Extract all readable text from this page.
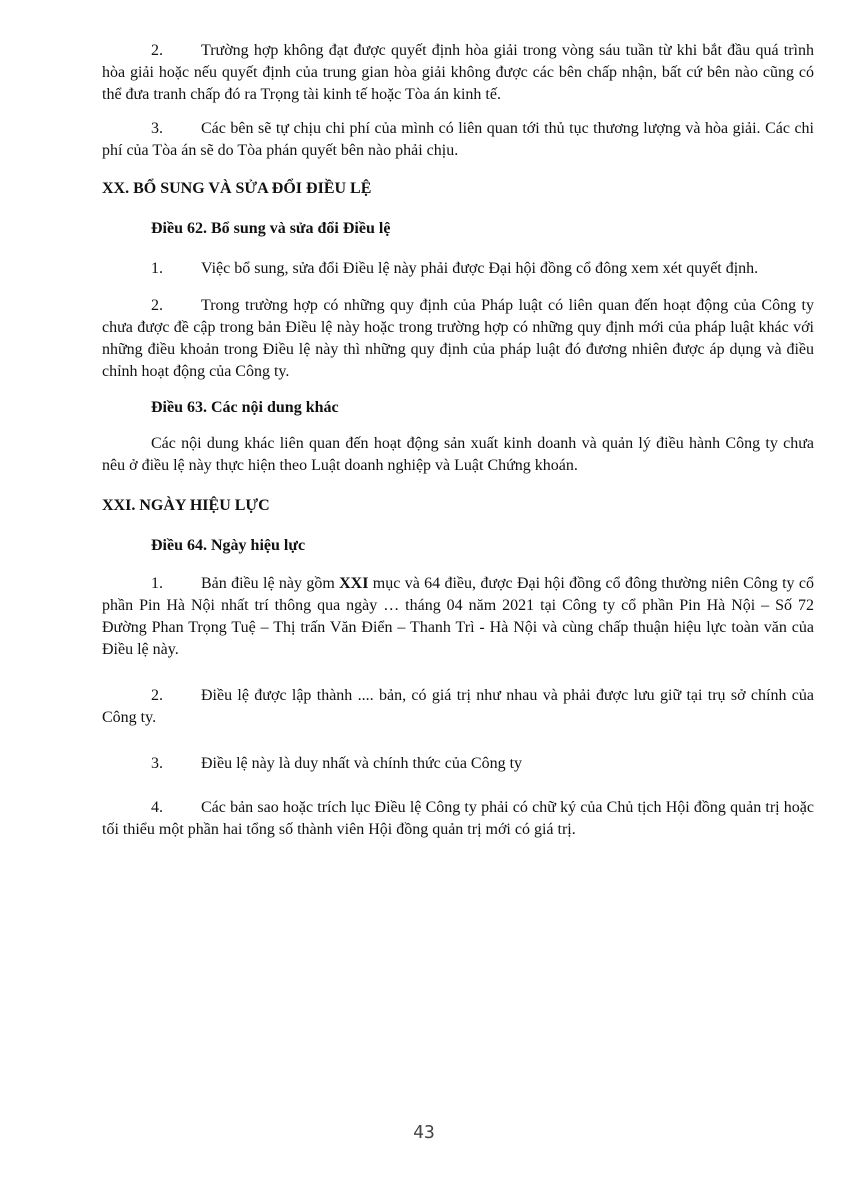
2. Trường hợp không đạt được quyết định hòa giải trong vòng sáu tuần từ khi bắt đầu quá trình hòa giải hoặc nếu quyết định của trung gian hòa giải không được các bên chấp nhận, bất cứ bên nào cũng có thể đưa tranh chấp đó ra Trọng tài kinh tế hoặc Tòa án kinh tế.
3. Các bên sẽ tự chịu chi phí của mình có liên quan tới thủ tục thương lượng và hòa giải. Các chi phí của Tòa án sẽ do Tòa phán quyết bên nào phải chịu.
XX. BỔ SUNG VÀ SỬA ĐỔI ĐIỀU LỆ
Điều 62. Bổ sung và sửa đổi Điều lệ
1. Việc bổ sung, sửa đổi Điều lệ này phải được Đại hội đồng cổ đông xem xét quyết định.
2. Trong trường hợp có những quy định của Pháp luật có liên quan đến hoạt động của Công ty chưa được đề cập trong bản Điều lệ này hoặc trong trường hợp có những quy định mới của pháp luật khác với những điều khoản trong Điều lệ này thì những quy định của pháp luật đó đương nhiên được áp dụng và điều chỉnh hoạt động của Công ty.
Điều 63. Các nội dung khác
Các nội dung khác liên quan đến hoạt động sản xuất kinh doanh và quản lý điều hành Công ty chưa nêu ở điều lệ này thực hiện theo Luật doanh nghiệp và Luật Chứng khoán.
XXI. NGÀY HIỆU LỰC
Điều 64. Ngày hiệu lực
1. Bản điều lệ này gồm XXI mục và 64 điều, được Đại hội đồng cổ đông thường niên Công ty cổ phần Pin Hà Nội nhất trí thông qua ngày … tháng 04 năm 2021 tại Công ty cổ phần Pin Hà Nội – Số 72 Đường Phan Trọng Tuệ – Thị trấn Văn Điển – Thanh Trì - Hà Nội và cùng chấp thuận hiệu lực toàn văn của Điều lệ này.
2. Điều lệ được lập thành .... bản, có giá trị như nhau và phải được lưu giữ tại trụ sở chính của Công ty.
3. Điều lệ này là duy nhất và chính thức của Công ty
4. Các bản sao hoặc trích lục Điều lệ Công ty phải có chữ ký của Chủ tịch Hội đồng quản trị hoặc tối thiểu một phần hai tổng số thành viên Hội đồng quản trị mới có giá trị.
43
